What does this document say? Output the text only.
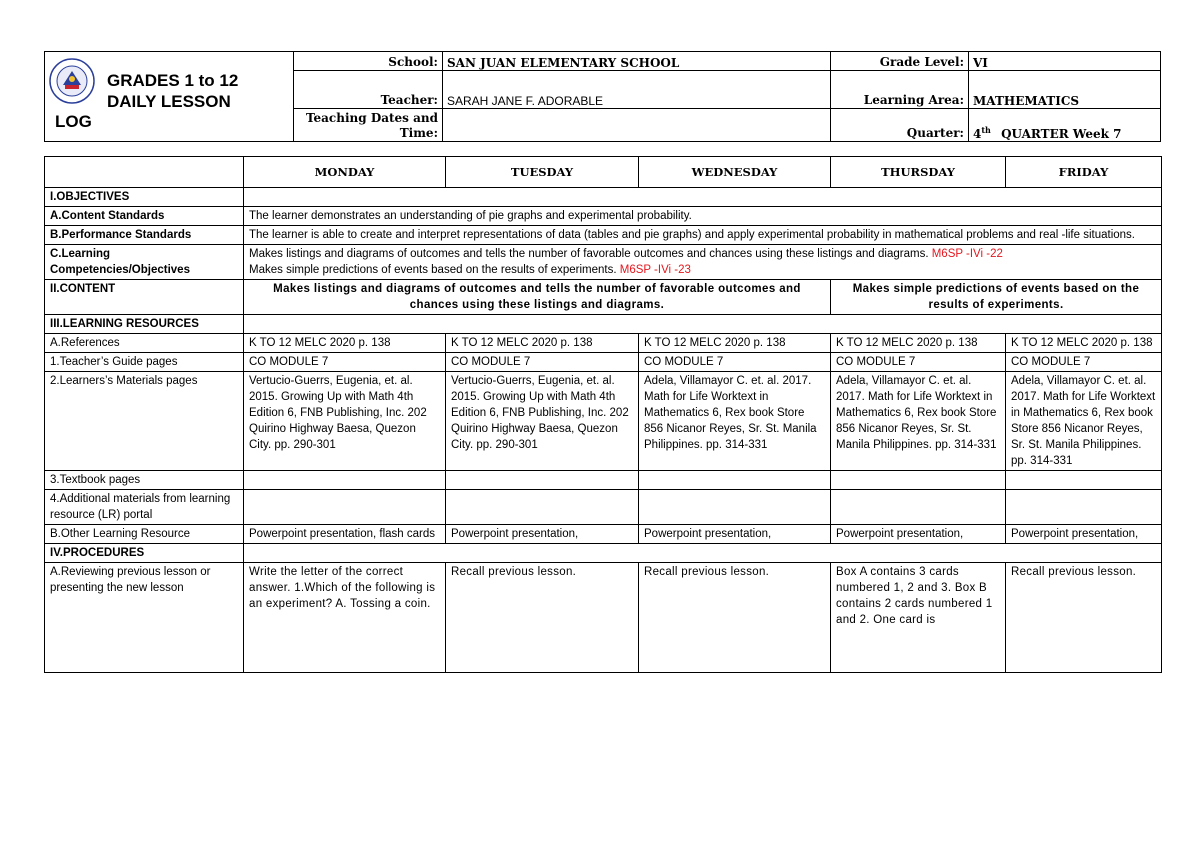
GRADES 1 to 12
DAILY LESSON
LOG	School:	SAN JUAN ELEMENTARY SCHOOL	Grade Level:	VI
	Teacher:	SARAH JANE F. ADORABLE	Learning Area:	MATHEMATICS
	Teaching Dates and Time:		Quarter:	4th QUARTER Week 7
	MONDAY	TUESDAY	WEDNESDAY	THURSDAY	FRIDAY
I.OBJECTIVES					
A.Content Standards	The learner demonstrates an understanding of pie graphs and experimental probability.				
B.Performance Standards	The learner is able to create and interpret representations of data (tables and pie graphs) and apply experimental probability in mathematical problems and real -life situations.				
C.Learning Competencies/Objectives	Makes listings and diagrams of outcomes and tells the number of favorable outcomes and chances using these listings and diagrams. M6SP -IVi -22
Makes simple predictions of events based on the results of experiments. M6SP -IVi -23				
II.CONTENT	Makes listings and diagrams of outcomes and tells the number of favorable outcomes and chances using these listings and diagrams.			Makes simple predictions of events based on the results of experiments.	
III.LEARNING RESOURCES					
A.References	K TO 12 MELC 2020 p. 138	K TO 12 MELC 2020 p. 138	K TO 12 MELC 2020 p. 138	K TO 12 MELC 2020 p. 138	K TO 12 MELC 2020 p. 138
1.Teacher’s Guide pages	CO MODULE 7	CO MODULE 7	CO MODULE 7	CO MODULE 7	CO MODULE 7
2.Learners’s Materials pages	Vertucio-Guerrs, Eugenia, et. al. 2015. Growing Up with Math 4th Edition 6, FNB Publishing, Inc. 202 Quirino Highway Baesa, Quezon City. pp. 290-301	Vertucio-Guerrs, Eugenia, et. al. 2015. Growing Up with Math 4th Edition 6, FNB Publishing, Inc. 202 Quirino Highway Baesa, Quezon City. pp. 290-301	Adela, Villamayor C. et. al. 2017. Math for Life Worktext in Mathematics 6, Rex book Store 856 Nicanor Reyes, Sr. St. Manila Philippines. pp. 314-331	Adela, Villamayor C. et. al. 2017. Math for Life Worktext in Mathematics 6, Rex book Store 856 Nicanor Reyes, Sr. St. Manila Philippines. pp. 314-331	Adela, Villamayor C. et. al. 2017. Math for Life Worktext in Mathematics 6, Rex book Store 856 Nicanor Reyes, Sr. St. Manila Philippines. pp. 314-331
3.Textbook pages					
4.Additional materials from learning resource (LR) portal					
B.Other Learning Resource	Powerpoint presentation, flash cards	Powerpoint presentation,	Powerpoint presentation,	Powerpoint presentation,	Powerpoint presentation,
IV.PROCEDURES					
A.Reviewing previous lesson or presenting the new lesson	Write the letter of the correct answer. 1.Which of the following is an experiment? A. Tossing a coin.	Recall previous lesson.	Recall previous lesson.	Box A contains 3 cards numbered 1, 2 and 3. Box B contains 2 cards numbered 1 and 2. One card is	Recall previous lesson.
